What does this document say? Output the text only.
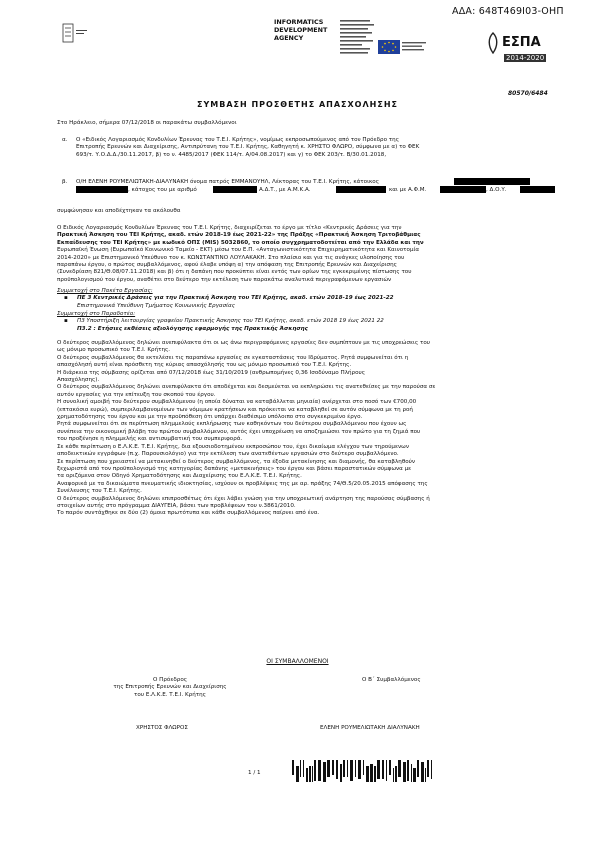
ΑΔΑ: 648Τ469Ι03-ΟΗΠ
INFORMATICS
DEVELOPMENT
AGENCY	ΕΣΠΑ
2014-2020
80570/6484
ΣΥΜΒΑΣΗ ΠΡΟΣΘΕΤΗΣ ΑΠΑΣΧΟΛΗΣΗΣ
Στο Ηράκλειο, σήμερα 07/12/2018 οι παρακάτω συμβαλλόμενοι
α. Ο «Ειδικός Λογαριασμός Κονδυλίων Έρευνας του Τ.Ε.Ι. Κρήτης», νομίμως εκπροσωπούμενος από τον Πρόεδρο της
Επιτροπής Ερευνών και Διαχείρισης, Αντιπρύτανη του Τ.Ε.Ι. Κρήτης, Καθηγητή κ. ΧΡΗΣΤΟ ΦΛΩΡΟ, σύμφωνα με α) το ΦΕΚ
693/τ. Υ.Ο.Δ.Δ./30.11.2017, β) το ν. 4485/2017 (ΦΕΚ 114/τ. Α/04.08.2017) και γ) το ΦΕΚ 203/τ. Β/30.01.2018,
β. Ο/Η ΕΛΕΝΗ ΡΟΥΜΕΛΙΩΤΑΚΗ-ΔΙΑΛΥΝΑΚΗ όνομα πατρός ΕΜΜΑΝΟΥΗΛ, Λέκτορας του Τ.Ε.Ι. Κρήτης, κάτοικος
, κάτοχος του με αριθμό	Α.Δ.Τ., με Α.Μ.Κ.Α.	και με Α.Φ.Μ.	, Δ.Ο.Υ.
συμφώνησαν και αποδέχτηκαν τα ακόλουθα
Ο Ειδικός Λογαριασμός Κονδυλίων Έρευνας του Τ.Ε.Ι. Κρήτης, διαχειρίζεται το έργο με τίτλο «Κεντρικές Δράσεις για την
Πρακτική Άσκηση του ΤΕΙ Κρήτης, ακαδ. ετών 2018-19 έως 2021-22» της Πράξης «Πρακτική Άσκηση Τριτοβάθμιας
Εκπαίδευσης του ΤΕΙ Κρήτης» με κωδικό ΟΠΣ (MIS) 5032860, το οποίο συγχρηματοδοτείται από την Ελλάδα και την
Ευρωπαϊκή Ένωση (Ευρωπαϊκό Κοινωνικό Ταμείο - ΕΚΤ) μέσω του Ε.Π. «Ανταγωνιστικότητα Επιχειρηματικότητα και Καινοτομία
2014-2020» με Επιστημονικό Υπεύθυνο τον κ. ΚΩΝΣΤΑΝΤΙΝΟ ΛΟΥΛΑΚΑΚΗ. Στο πλαίσιο και για τις ανάγκες υλοποίησης του
παραπάνω έργου, ο πρώτος συμβαλλόμενος, αφού έλαβε υπόψη α) την απόφαση της Επιτροπής Ερευνών και Διαχείρισης
(Συνεδρίαση 821/Θ.08/07.11.2018) και β) ότι η δαπάνη που προκύπτει είναι εντός των ορίων της εγκεκριμένης πίστωσης του
προϋπολογισμού του έργου, αναθέτει στο δεύτερο την εκτέλεση των παρακάτω αναλυτικά περιγραφόμενων εργασιών
Συμμετοχή στο Πακέτο Εργασίας:
▪ ΠΕ 3 Κεντρικές Δράσεις για την Πρακτική Άσκηση του ΤΕΙ Κρήτης, ακαδ. ετών 2018-19 έως 2021-22
Επιστημονικά Υπεύθυνη Τμήματος Κοινωνικής Εργασίας
Συμμετοχή στο Παραδοτέο:
▪ Π3 Υποστήριξη λειτουργίας γραφείου Πρακτικής Άσκησης του ΤΕΙ Κρήτης, ακαδ. ετών 2018 19 έως 2021 22
Π3.2 : Ετήσιες εκθέσεις αξιολόγησης εφαρμογής της Πρακτικής Άσκησης
Ο δεύτερος συμβαλλόμενος δηλώνει ανεπιφύλακτα ότι οι ως άνω περιγραφόμενες εργασίες δεν συμπίπτουν με τις υποχρεώσεις του
ως μόνιμο προσωπικό του Τ.Ε.Ι. Κρήτης.
Ο δεύτερος συμβαλλόμενος θα εκτελέσει τις παραπάνω εργασίες σε εγκαταστάσεις του Ιδρύματος. Ρητά συμφωνείται ότι η
απασχόλησή αυτή είναι πρόσθετη της κύριας απασχόλησής του ως μόνιμο προσωπικό του Τ.Ε.Ι. Κρήτης.
Η διάρκεια της σύμβασης ορίζεται από 07/12/2018 έως 31/10/2019 (ανθρωπομήνες 0,36 Ισοδύναμο Πλήρους
Απασχόλησης).
Ο δεύτερος συμβαλλόμενος δηλώνει ανεπιφύλακτα ότι αποδέχεται και δεσμεύεται να εκπληρώσει τις ανατεθείσες με την παρούσα σε
αυτόν εργασίες για την επίτευξη του σκοπού του έργου.
Η συνολική αμοιβή του δεύτερου συμβαλλόμενου (η οποία δύναται να καταβάλλεται μηνιαία) ανέρχεται στο ποσό των €700,00
(επτακόσια ευρώ), συμπεριλαμβανομένων των νόμιμων κρατήσεων και πρόκειται να καταβληθεί σε αυτόν σύμφωνα με τη ροή
χρηματοδότησης του έργου και με την προϋπόθεση ότι υπάρχει διαθέσιμο υπόλοιπο στο συγκεκριμένο έργο.
Ρητά συμφωνείται ότι σε περίπτωση πλημμελούς εκπλήρωσης των καθηκόντων του δεύτερου συμβαλλόμενου που έχουν ως
συνέπεια την οικονομική βλάβη του πρώτου συμβαλλόμενου, αυτός έχει υποχρέωση να αποζημιώσει τον πρώτο για τη ζημιά που
του προξένησε η πλημμελής και αντισυμβατική του συμπεριφορά.
Σε κάθε περίπτωση ο Ε.Λ.Κ.Ε. Τ.Ε.Ι. Κρήτης, δια εξουσιοδοτημένου εκπροσώπου του, έχει δικαίωμα ελέγχου των τηρούμενων
αποδεικτικών εγγράφων (π.χ. Παρουσιολόγιο) για την εκτέλεση των ανατεθέντων εργασιών στο δεύτερο συμβαλλόμενο.
Σε περίπτωση που χρειαστεί να μετακινηθεί ο δεύτερος συμβαλλόμενος, τα έξοδα μετακίνησης και διαμονής, θα καταβληθούν
ξεχωριστά από τον προϋπολογισμό της κατηγορίας δαπάνης «μετακινήσεις» του έργου και βάσει παραστατικών σύμφωνα με
τα οριζόμενα στον Οδηγό Χρηματοδότησης και Διαχείρισης του Ε.Λ.Κ.Ε. Τ.Ε.Ι. Κρήτης.
Αναφορικά με τα δικαιώματα πνευματικής ιδιοκτησίας, ισχύουν οι προβλέψεις της με αρ. πράξης 74/Θ.5/20.05.2015 απόφασης της
Συνέλευσης του Τ.Ε.Ι. Κρήτης.
Ο δεύτερος συμβαλλόμενος δηλώνει επιπροσθέτως ότι έχει λάβει γνώση για την υποχρεωτική ανάρτηση της παρούσας σύμβασης ή
στοιχείων αυτής στο πρόγραμμα ΔΙΑΥΓΕΙΑ, βάσει των προβλέψεων του ν.3861/2010.
Το παρόν συντάχθηκε σε δύο (2) όμοια πρωτότυπα και κάθε συμβαλλόμενος παίρνει από ένα.
ΟΙ ΣΥΜΒΑΛΛΟΜΕΝΟΙ
Ο Πρόεδρος
της Επιτροπής Ερευνών και Διαχείρισης
του Ε.Λ.Κ.Ε. Τ.Ε.Ι. Κρήτης
Ο Β΄ Συμβαλλόμενος
ΧΡΗΣΤΟΣ ΦΛΩΡΟΣ	ΕΛΕΝΗ ΡΟΥΜΕΛΙΩΤΑΚΗ ΔΙΑΛΥΝΑΚΗ
1 / 1
